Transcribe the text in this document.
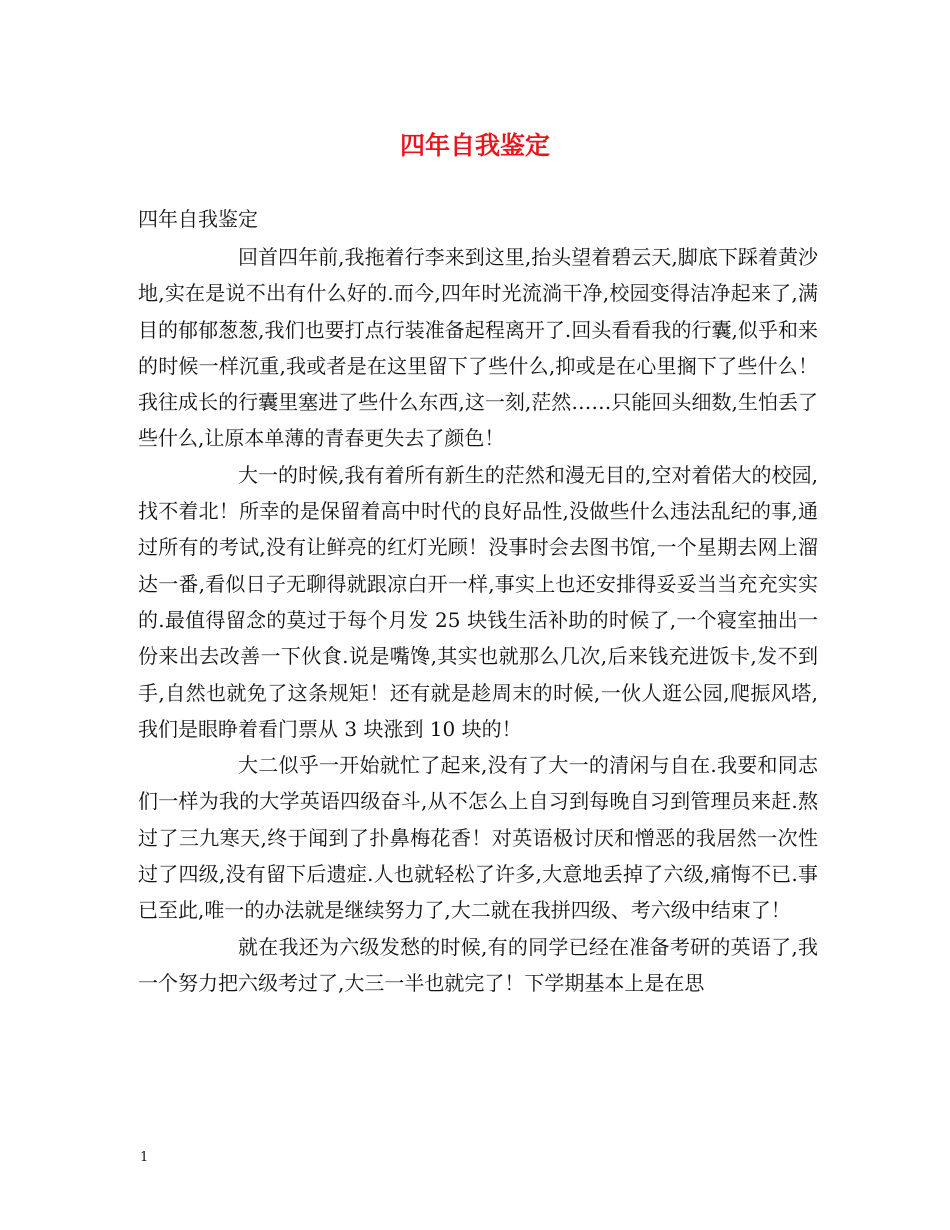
四年自我鉴定
四年自我鉴定

回首四年前,我拖着行李来到这里,抬头望着碧云天,脚底下踩着黄沙地,实在是说不出有什么好的.而今,四年时光流淌干净,校园变得洁净起来了,满目的郁郁葱葱,我们也要打点行装准备起程离开了.回头看看我的行囊,似乎和来的时候一样沉重,我或者是在这里留下了些什么,抑或是在心里搁下了些什么！我往成长的行囊里塞进了些什么东西,这一刻,茫然……只能回头细数,生怕丢了些什么,让原本单薄的青春更失去了颜色！

大一的时候,我有着所有新生的茫然和漫无目的,空对着偌大的校园,找不着北！所幸的是保留着高中时代的良好品性,没做些什么违法乱纪的事,通过所有的考试,没有让鲜亮的红灯光顾！没事时会去图书馆,一个星期去网上溜达一番,看似日子无聊得就跟凉白开一样,事实上也还安排得妥妥当当充充实实的.最值得留念的莫过于每个月发 25 块钱生活补助的时候了,一个寝室抽出一份来出去改善一下伙食.说是嘴馋,其实也就那么几次,后来钱充进饭卡,发不到手,自然也就免了这条规矩！还有就是趁周末的时候,一伙人逛公园,爬振风塔,我们是眼睁着看门票从 3 块涨到 10 块的！

大二似乎一开始就忙了起来,没有了大一的清闲与自在.我要和同志们一样为我的大学英语四级奋斗,从不怎么上自习到每晚自习到管理员来赶.熬过了三九寒天,终于闻到了扑鼻梅花香！对英语极讨厌和憎恶的我居然一次性过了四级,没有留下后遗症.人也就轻松了许多,大意地丢掉了六级,痛悔不已.事已至此,唯一的办法就是继续努力了,大二就在我拼四级、考六级中结束了！

就在我还为六级发愁的时候,有的同学已经在准备考研的英语了,我一个努力把六级考过了,大三一半也就完了！下学期基本上是在思

1
